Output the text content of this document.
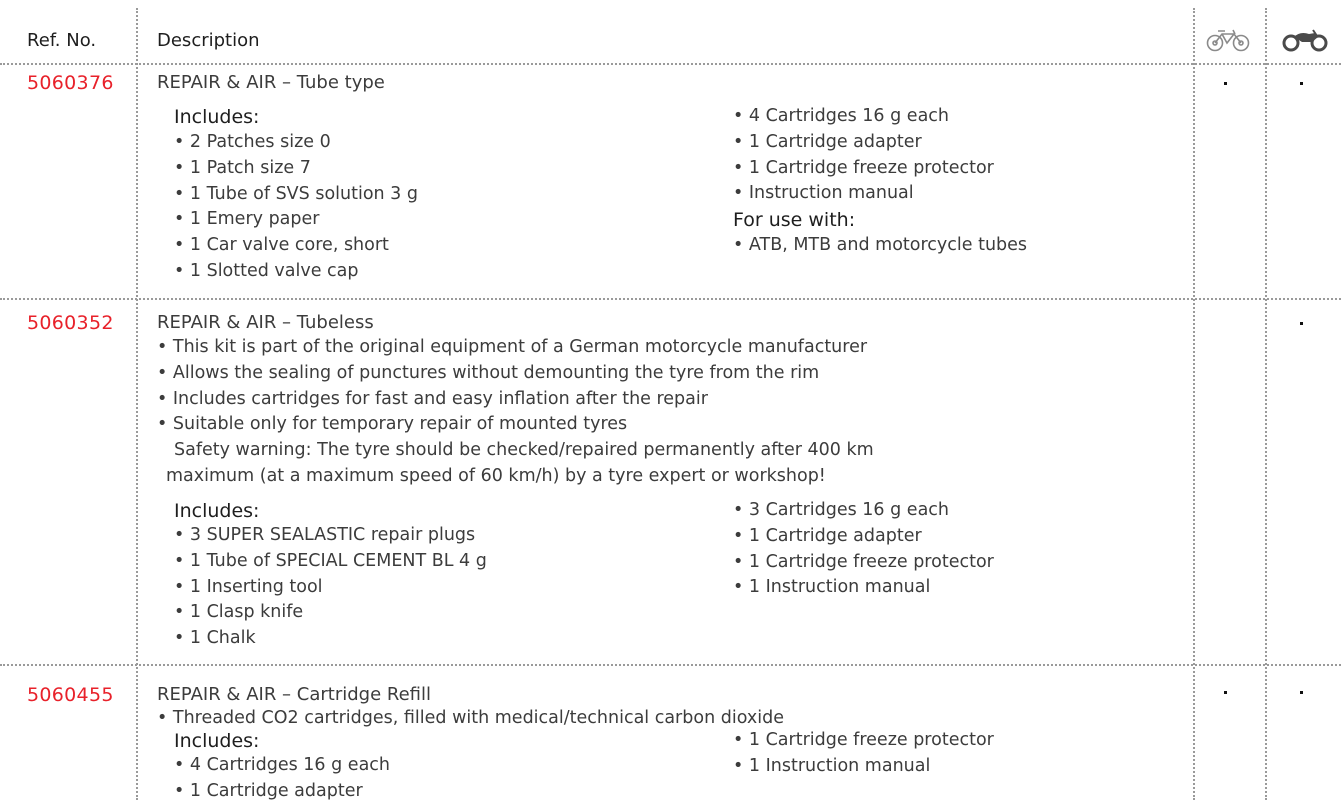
Ref. No.	Description
5060376 REPAIR & AIR – Tube type
Includes:
• 2 Patches size 0
• 1 Patch size 7
• 1 Tube of SVS solution 3 g
• 1 Emery paper
• 1 Car valve core, short
• 1 Slotted valve cap
• 4 Cartridges 16 g each
• 1 Cartridge adapter
• 1 Cartridge freeze protector
• Instruction manual
For use with:
• ATB, MTB and motorcycle tubes
5060352 REPAIR & AIR – Tubeless
• This kit is part of the original equipment of a German motorcycle manufacturer
• Allows the sealing of punctures without demounting the tyre from the rim
• Includes cartridges for fast and easy inflation after the repair
• Suitable only for temporary repair of mounted tyres
Safety warning: The tyre should be checked/repaired permanently after 400 km
maximum (at a maximum speed of 60 km/h) by a tyre expert or workshop!
Includes:
• 3 SUPER SEALASTIC repair plugs
• 1 Tube of SPECIAL CEMENT BL 4 g
• 1 Inserting tool
• 1 Clasp knife
• 1 Chalk
• 3 Cartridges 16 g each
• 1 Cartridge adapter
• 1 Cartridge freeze protector
• 1 Instruction manual
5060455 REPAIR & AIR – Cartridge Refill
• Threaded CO2 cartridges, filled with medical/technical carbon dioxide
Includes:
• 4 Cartridges 16 g each
• 1 Cartridge adapter
• 1 Cartridge freeze protector
• 1 Instruction manual
